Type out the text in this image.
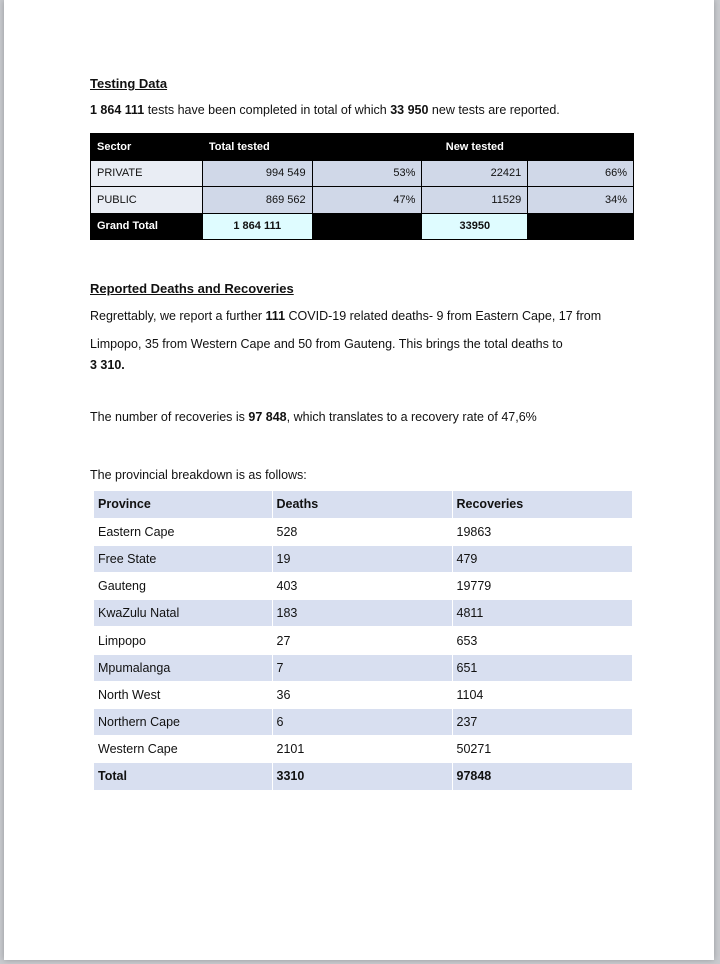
Testing Data
1 864 111 tests have been completed in total of which 33 950 new tests are reported.
Sector	Total tested		New tested	
PRIVATE	994 549	53%	22421	66%
PUBLIC	869 562	47%	11529	34%
Grand Total	1 864 111		33950	
Reported Deaths and Recoveries
Regrettably, we report a further 111 COVID-19 related deaths- 9 from Eastern Cape, 17 from Limpopo, 35 from Western Cape and 50 from Gauteng. This brings the total deaths to
3 310.
The number of recoveries is 97 848, which translates to a recovery rate of 47,6%
The provincial breakdown is as follows:
Province	Deaths	Recoveries
Eastern Cape	528	19863
Free State	19	479
Gauteng	403	19779
KwaZulu Natal	183	4811
Limpopo	27	653
Mpumalanga	7	651
North West	36	1104
Northern Cape	6	237
Western Cape	2101	50271
Total	3310	97848
